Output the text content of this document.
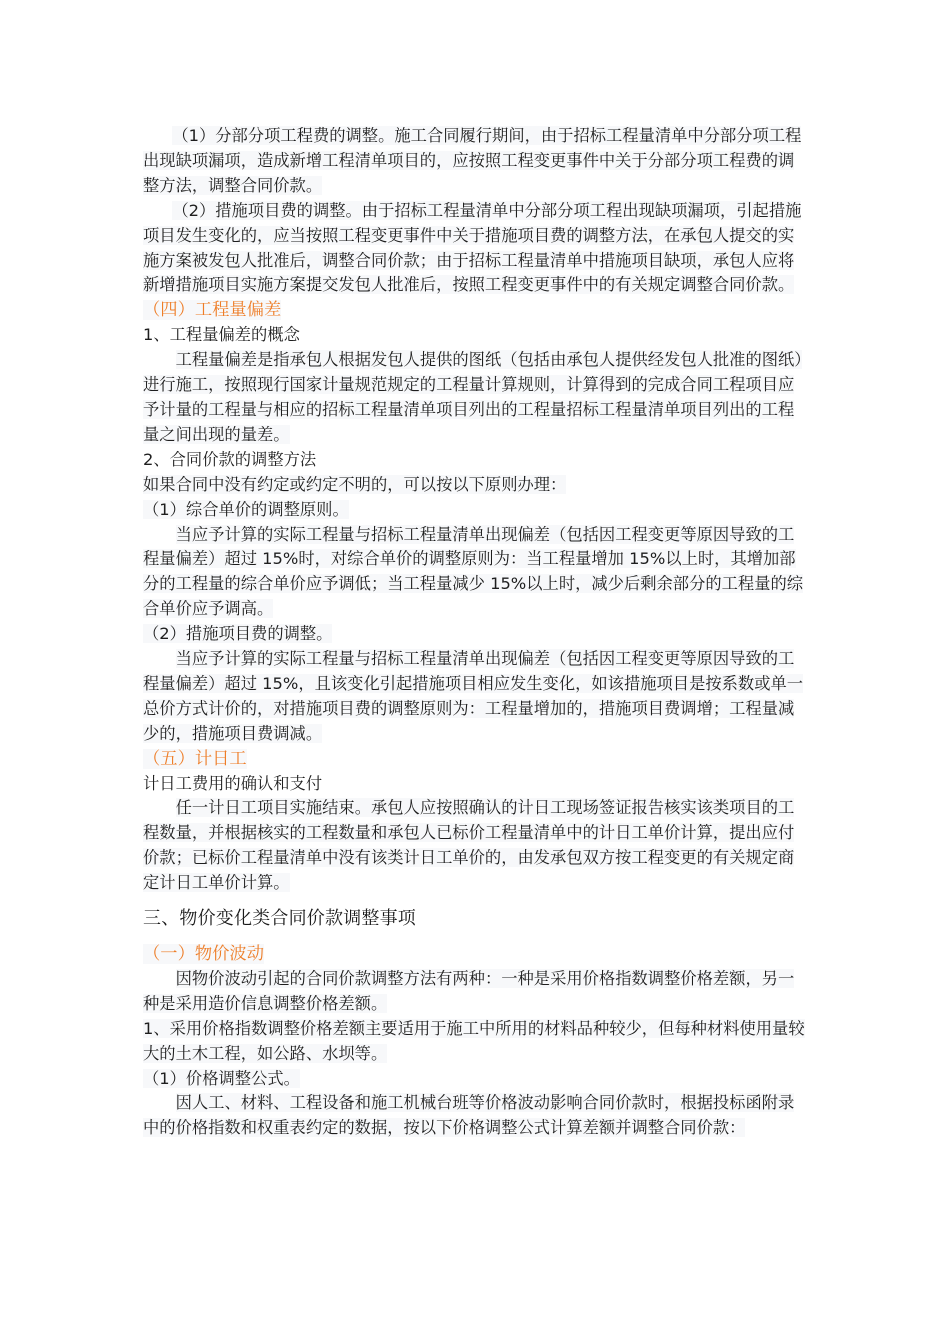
（1）分部分项工程费的调整。施工合同履行期间，由于招标工程量清单中分部分项工程出现缺项漏项，造成新增工程清单项目的，应按照工程变更事件中关于分部分项工程费的调整方法，调整合同价款。

（2）措施项目费的调整。由于招标工程量清单中分部分项工程出现缺项漏项，引起措施项目发生变化的，应当按照工程变更事件中关于措施项目费的调整方法，在承包人提交的实施方案被发包人批准后，调整合同价款；由于招标工程量清单中措施项目缺项，承包人应将新增措施项目实施方案提交发包人批准后，按照工程变更事件中的有关规定调整合同价款。

（四）工程量偏差

1、工程量偏差的概念

工程量偏差是指承包人根据发包人提供的图纸（包括由承包人提供经发包人批准的图纸）进行施工，按照现行国家计量规范规定的工程量计算规则，计算得到的完成合同工程项目应予计量的工程量与相应的招标工程量清单项目列出的工程量招标工程量清单项目列出的工程量之间出现的量差。

2、合同价款的调整方法

如果合同中没有约定或约定不明的，可以按以下原则办理：

（1）综合单价的调整原则。

当应予计算的实际工程量与招标工程量清单出现偏差（包括因工程变更等原因导致的工程量偏差）超过 15%时，对综合单价的调整原则为：当工程量增加 15%以上时，其增加部分的工程量的综合单价应予调低；当工程量减少 15%以上时，减少后剩余部分的工程量的综合单价应予调高。

（2）措施项目费的调整。

当应予计算的实际工程量与招标工程量清单出现偏差（包括因工程变更等原因导致的工程量偏差）超过 15%，且该变化引起措施项目相应发生变化，如该措施项目是按系数或单一总价方式计价的，对措施项目费的调整原则为：工程量增加的，措施项目费调增；工程量减少的，措施项目费调减。

（五）计日工

计日工费用的确认和支付

任一计日工项目实施结束。承包人应按照确认的计日工现场签证报告核实该类项目的工程数量，并根据核实的工程数量和承包人已标价工程量清单中的计日工单价计算，提出应付价款；已标价工程量清单中没有该类计日工单价的，由发承包双方按工程变更的有关规定商定计日工单价计算。

三、物价变化类合同价款调整事项

（一）物价波动

因物价波动引起的合同价款调整方法有两种：一种是采用价格指数调整价格差额，另一种是采用造价信息调整价格差额。

1、采用价格指数调整价格差额主要适用于施工中所用的材料品种较少，但每种材料使用量较大的土木工程，如公路、水坝等。

（1）价格调整公式。

因人工、材料、工程设备和施工机械台班等价格波动影响合同价款时，根据投标函附录中的价格指数和权重表约定的数据，按以下价格调整公式计算差额并调整合同价款：
